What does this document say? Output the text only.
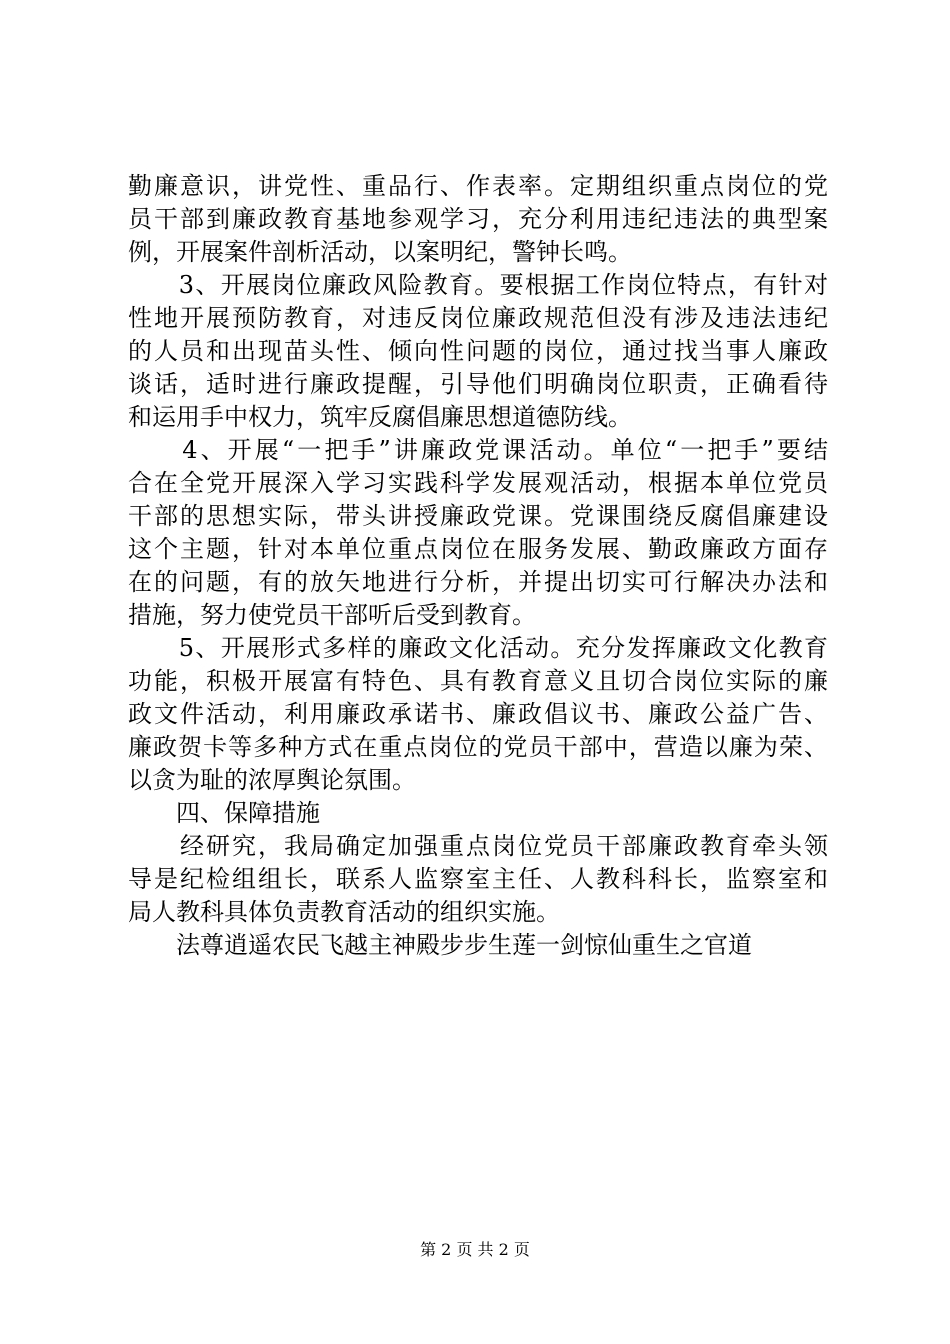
勤廉意识，讲党性、重品行、作表率。定期组织重点岗位的党
员干部到廉政教育基地参观学习，充分利用违纪违法的典型案
例，开展案件剖析活动，以案明纪，警钟长鸣。
　　3、开展岗位廉政风险教育。要根据工作岗位特点，有针对
性地开展预防教育，对违反岗位廉政规范但没有涉及违法违纪
的人员和出现苗头性、倾向性问题的岗位，通过找当事人廉政
谈话，适时进行廉政提醒，引导他们明确岗位职责，正确看待
和运用手中权力，筑牢反腐倡廉思想道德防线。
　　4、开展“一把手”讲廉政党课活动。单位“一把手”要结
合在全党开展深入学习实践科学发展观活动，根据本单位党员
干部的思想实际，带头讲授廉政党课。党课围绕反腐倡廉建设
这个主题，针对本单位重点岗位在服务发展、勤政廉政方面存
在的问题，有的放矢地进行分析，并提出切实可行解决办法和
措施，努力使党员干部听后受到教育。
　　5、开展形式多样的廉政文化活动。充分发挥廉政文化教育
功能，积极开展富有特色、具有教育意义且切合岗位实际的廉
政文件活动，利用廉政承诺书、廉政倡议书、廉政公益广告、
廉政贺卡等多种方式在重点岗位的党员干部中，营造以廉为荣、
以贪为耻的浓厚舆论氛围。
　　四、保障措施
　　经研究，我局确定加强重点岗位党员干部廉政教育牵头领
导是纪检组组长，联系人监察室主任、人教科科长，监察室和
局人教科具体负责教育活动的组织实施。
　　法尊逍遥农民飞越主神殿步步生莲一剑惊仙重生之官道
第 2 页 共 2 页
